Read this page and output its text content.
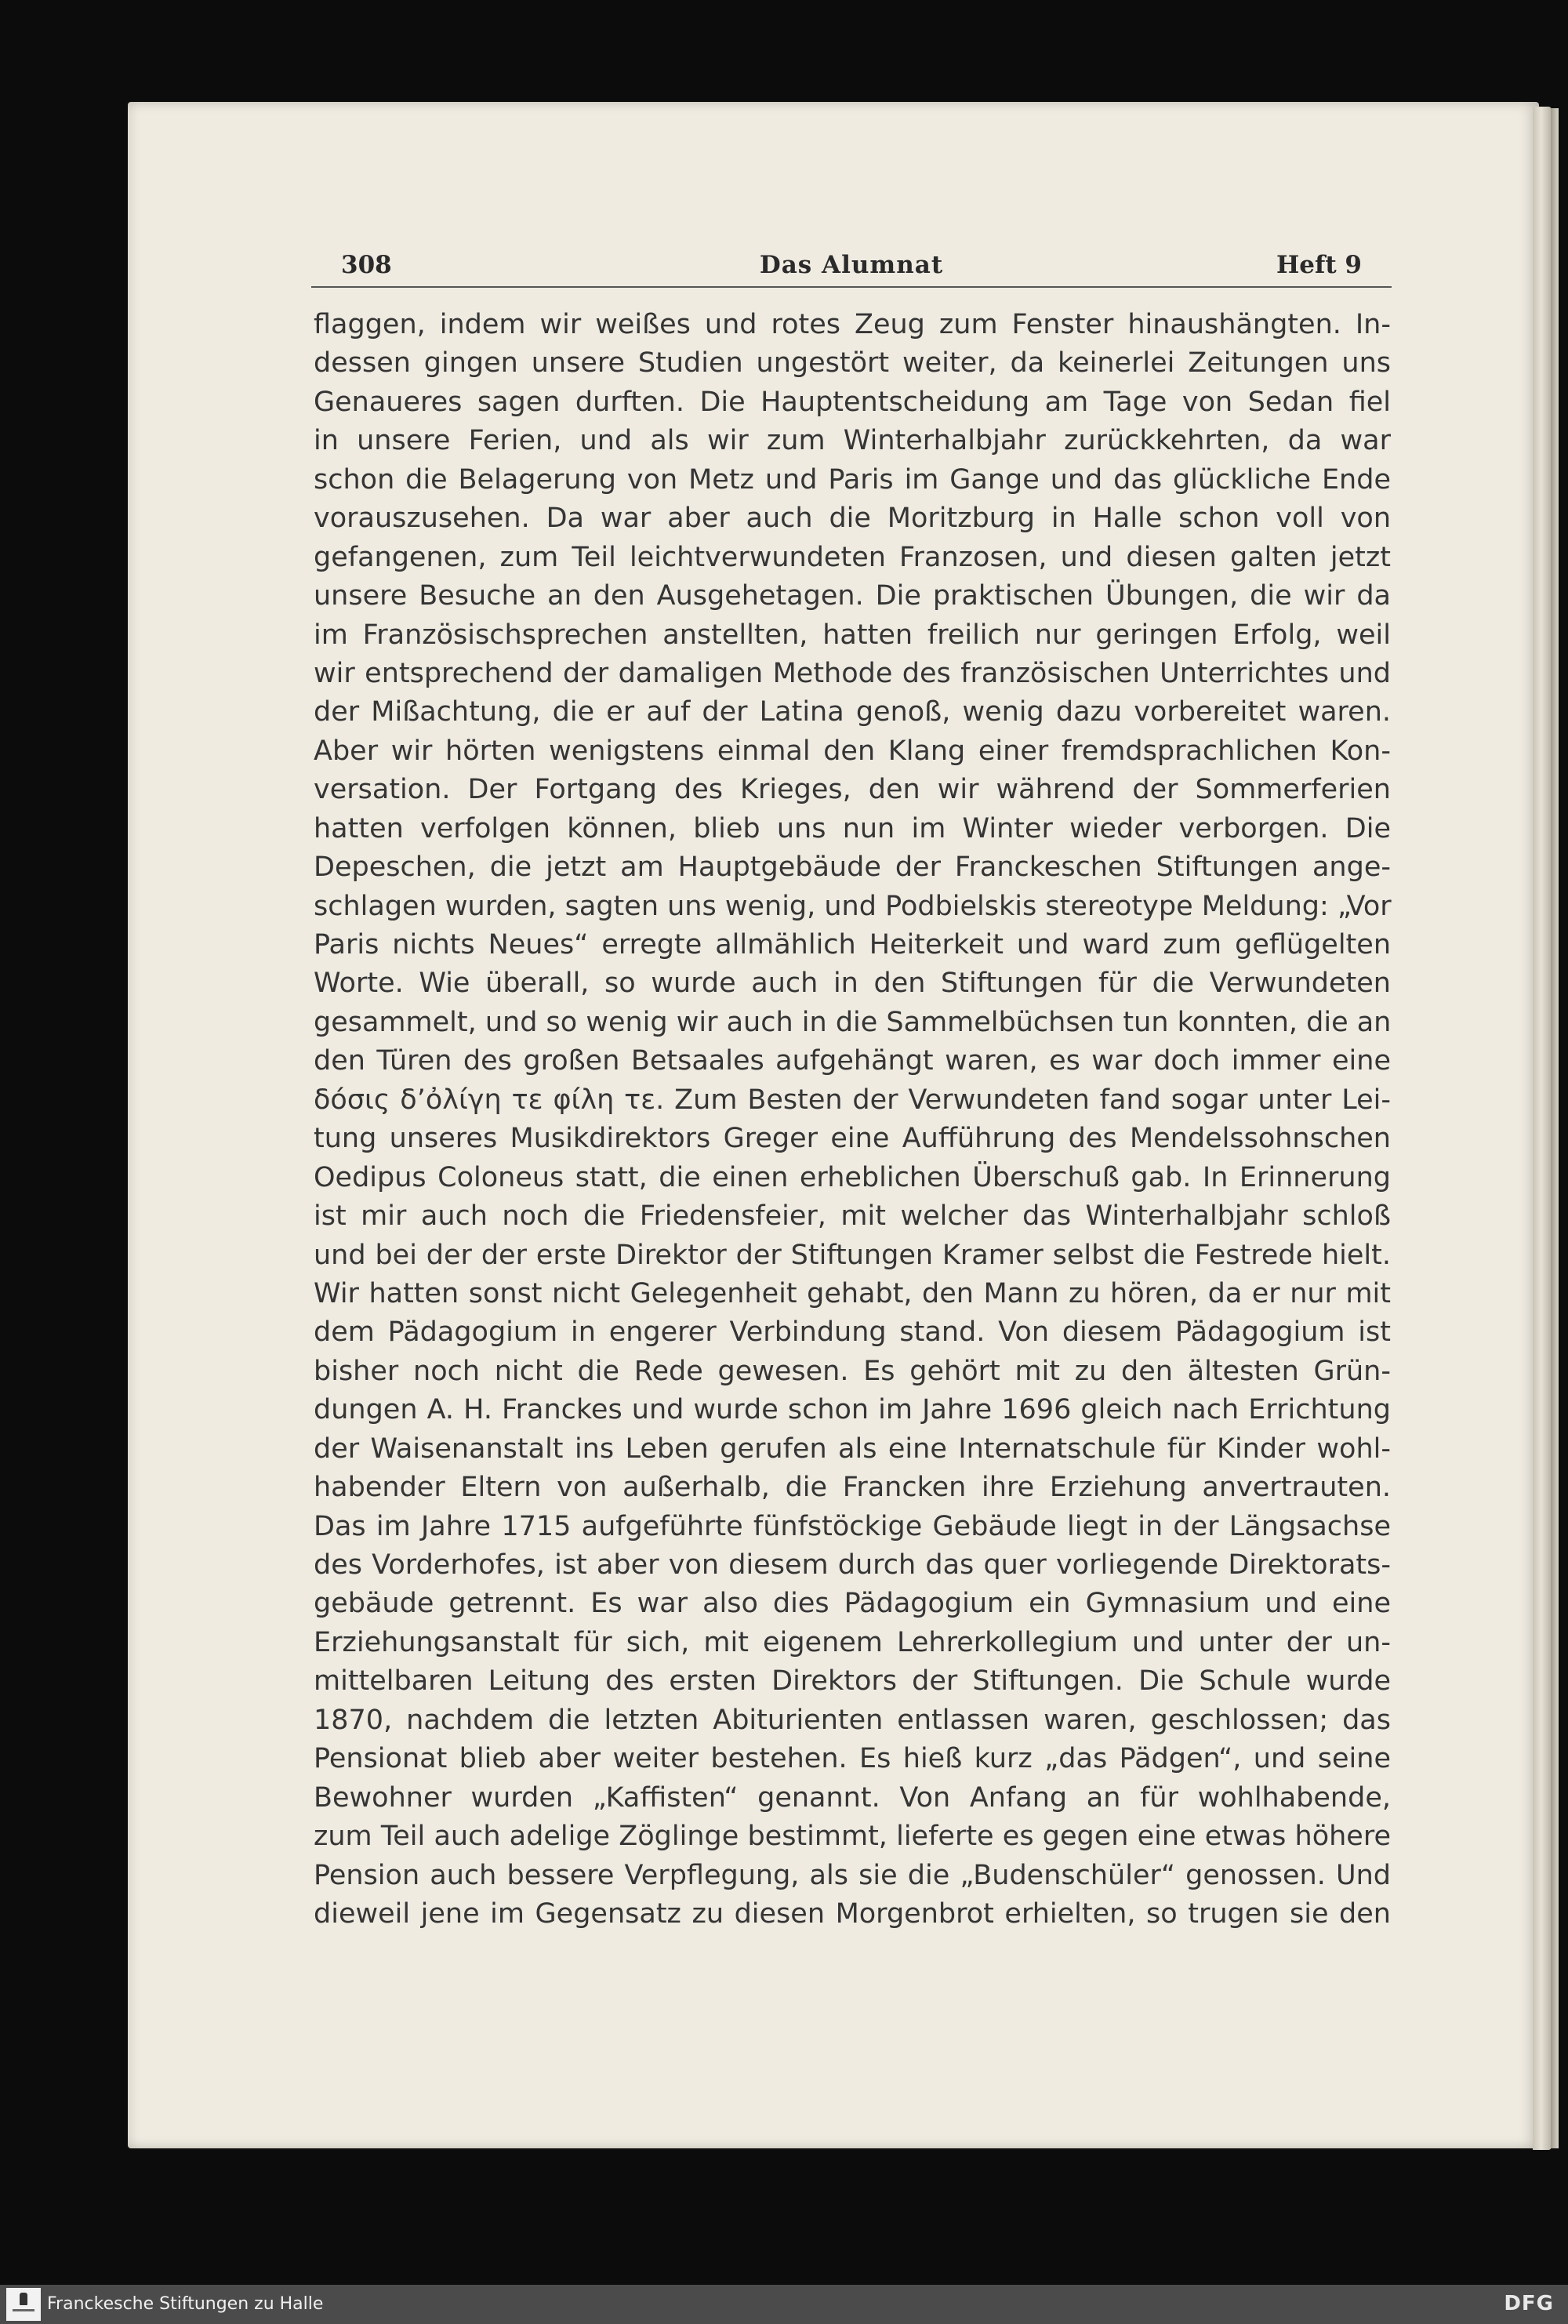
308	Das Alumnat	Heft 9
flaggen, indem wir weißes und rotes Zeug zum Fenster hinaushängten. In-
dessen gingen unsere Studien ungestört weiter, da keinerlei Zeitungen uns
Genaueres sagen durften. Die Hauptentscheidung am Tage von Sedan fiel
in unsere Ferien, und als wir zum Winterhalbjahr zurückkehrten, da war
schon die Belagerung von Metz und Paris im Gange und das glückliche Ende
vorauszusehen. Da war aber auch die Moritzburg in Halle schon voll von
gefangenen, zum Teil leichtverwundeten Franzosen, und diesen galten jetzt
unsere Besuche an den Ausgehetagen. Die praktischen Übungen, die wir da
im Französischsprechen anstellten, hatten freilich nur geringen Erfolg, weil
wir entsprechend der damaligen Methode des französischen Unterrichtes und
der Mißachtung, die er auf der Latina genoß, wenig dazu vorbereitet waren.
Aber wir hörten wenigstens einmal den Klang einer fremdsprachlichen Kon-
versation. Der Fortgang des Krieges, den wir während der Sommerferien
hatten verfolgen können, blieb uns nun im Winter wieder verborgen. Die
Depeschen, die jetzt am Hauptgebäude der Franckeschen Stiftungen ange-
schlagen wurden, sagten uns wenig, und Podbielskis stereotype Meldung: „Vor
Paris nichts Neues“ erregte allmählich Heiterkeit und ward zum geflügelten
Worte. Wie überall, so wurde auch in den Stiftungen für die Verwundeten
gesammelt, und so wenig wir auch in die Sammelbüchsen tun konnten, die an
den Türen des großen Betsaales aufgehängt waren, es war doch immer eine
δόσις δ’ὀλίγη τε φίλη τε. Zum Besten der Verwundeten fand sogar unter Lei-
tung unseres Musikdirektors Greger eine Aufführung des Mendelssohnschen
Oedipus Coloneus statt, die einen erheblichen Überschuß gab. In Erinnerung
ist mir auch noch die Friedensfeier, mit welcher das Winterhalbjahr schloß
und bei der der erste Direktor der Stiftungen Kramer selbst die Festrede hielt.
Wir hatten sonst nicht Gelegenheit gehabt, den Mann zu hören, da er nur mit
dem Pädagogium in engerer Verbindung stand. Von diesem Pädagogium ist
bisher noch nicht die Rede gewesen. Es gehört mit zu den ältesten Grün-
dungen A. H. Franckes und wurde schon im Jahre 1696 gleich nach Errichtung
der Waisenanstalt ins Leben gerufen als eine Internatschule für Kinder wohl-
habender Eltern von außerhalb, die Francken ihre Erziehung anvertrauten.
Das im Jahre 1715 aufgeführte fünfstöckige Gebäude liegt in der Längsachse
des Vorderhofes, ist aber von diesem durch das quer vorliegende Direktorats-
gebäude getrennt. Es war also dies Pädagogium ein Gymnasium und eine
Erziehungsanstalt für sich, mit eigenem Lehrerkollegium und unter der un-
mittelbaren Leitung des ersten Direktors der Stiftungen. Die Schule wurde
1870, nachdem die letzten Abiturienten entlassen waren, geschlossen; das
Pensionat blieb aber weiter bestehen. Es hieß kurz „das Pädgen“, und seine
Bewohner wurden „Kaffisten“ genannt. Von Anfang an für wohlhabende,
zum Teil auch adelige Zöglinge bestimmt, lieferte es gegen eine etwas höhere
Pension auch bessere Verpflegung, als sie die „Budenschüler“ genossen. Und
dieweil jene im Gegensatz zu diesen Morgenbrot erhielten, so trugen sie den
Franckesche Stiftungen zu Halle	DFG
